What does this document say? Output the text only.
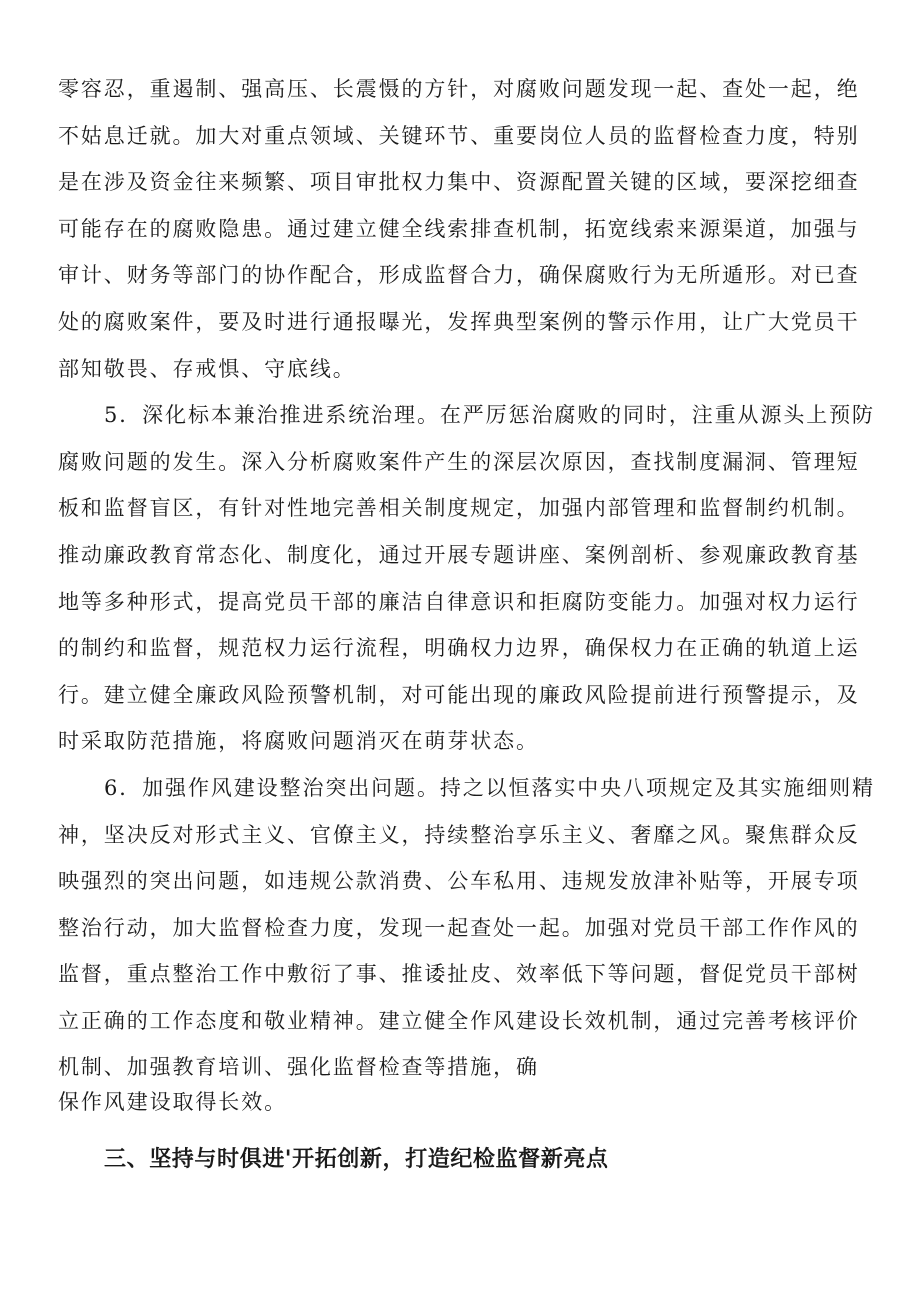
零容忍，重遏制、强高压、长震慑的方针，对腐败问题发现一起、查处一起，绝
不姑息迁就。加大对重点领域、关键环节、重要岗位人员的监督检查力度，特别
是在涉及资金往来频繁、项目审批权力集中、资源配置关键的区域，要深挖细查
可能存在的腐败隐患。通过建立健全线索排查机制，拓宽线索来源渠道，加强与
审计、财务等部门的协作配合，形成监督合力，确保腐败行为无所遁形。对已查
处的腐败案件，要及时进行通报曝光，发挥典型案例的警示作用，让广大党员干
部知敬畏、存戒惧、守底线。

5．深化标本兼治推进系统治理。在严厉惩治腐败的同时，注重从源头上预防
腐败问题的发生。深入分析腐败案件产生的深层次原因，查找制度漏洞、管理短
板和监督盲区，有针对性地完善相关制度规定，加强内部管理和监督制约机制。
推动廉政教育常态化、制度化，通过开展专题讲座、案例剖析、参观廉政教育基
地等多种形式，提高党员干部的廉洁自律意识和拒腐防变能力。加强对权力运行
的制约和监督，规范权力运行流程，明确权力边界，确保权力在正确的轨道上运
行。建立健全廉政风险预警机制，对可能出现的廉政风险提前进行预警提示，及
时采取防范措施，将腐败问题消灭在萌芽状态。

6．加强作风建设整治突出问题。持之以恒落实中央八项规定及其实施细则精
神，坚决反对形式主义、官僚主义，持续整治享乐主义、奢靡之风。聚焦群众反
映强烈的突出问题，如违规公款消费、公车私用、违规发放津补贴等，开展专项
整治行动，加大监督检查力度，发现一起查处一起。加强对党员干部工作作风的
监督，重点整治工作中敷衍了事、推诿扯皮、效率低下等问题，督促党员干部树
立正确的工作态度和敬业精神。建立健全作风建设长效机制，通过完善考核评价
机制、加强教育培训、强化监督检查等措施，确
保作风建设取得长效。

三、坚持与时俱进'开拓创新，打造纪检监督新亮点
